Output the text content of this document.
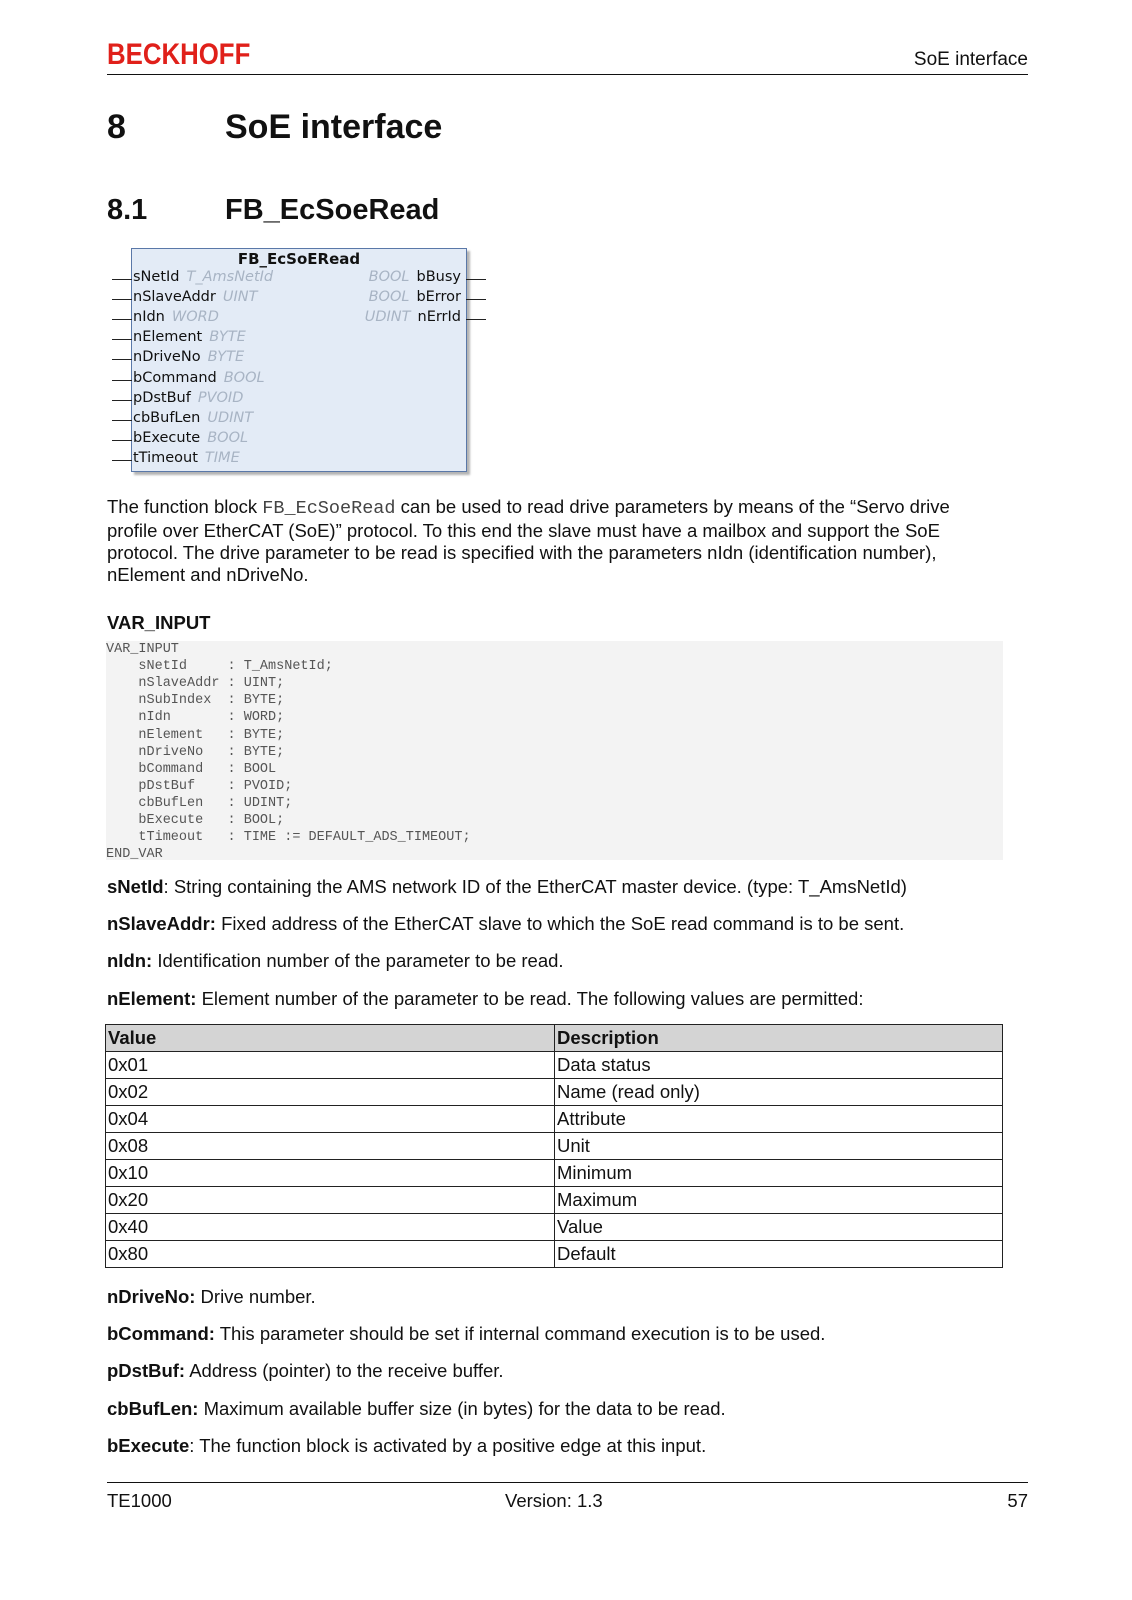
BECKHOFF	SoE interface
8	SoE interface
8.1	FB_EcSoeRead
FB_EcSoERead
sNetId T_AmsNetId	BOOL bBusy
nSlaveAddr UINT	BOOL bError
nIdn WORD	UDINT nErrId
nElement BYTE
nDriveNo BYTE
bCommand BOOL
pDstBuf PVOID
cbBufLen UDINT
bExecute BOOL
tTimeout TIME
The function block FB_EcSoeRead can be used to read drive parameters by means of the “Servo drive
profile over EtherCAT (SoE)” protocol. To this end the slave must have a mailbox and support the SoE
protocol. The drive parameter to be read is specified with the parameters nIdn (identification number),
nElement and nDriveNo.
VAR_INPUT
VAR_INPUT
sNetId     : T_AmsNetId;
nSlaveAddr : UINT;
nSubIndex  : BYTE;
nIdn       : WORD;
nElement   : BYTE;
nDriveNo   : BYTE;
bCommand   : BOOL
pDstBuf    : PVOID;
cbBufLen   : UDINT;
bExecute   : BOOL;
tTimeout   : TIME := DEFAULT_ADS_TIMEOUT;
END_VAR
sNetId: String containing the AMS network ID of the EtherCAT master device. (type: T_AmsNetId)
nSlaveAddr: Fixed address of the EtherCAT slave to which the SoE read command is to be sent.
nIdn: Identification number of the parameter to be read.
nElement: Element number of the parameter to be read. The following values are permitted:
Value	Description
0x01	Data status
0x02	Name (read only)
0x04	Attribute
0x08	Unit
0x10	Minimum
0x20	Maximum
0x40	Value
0x80	Default
nDriveNo: Drive number.
bCommand: This parameter should be set if internal command execution is to be used.
pDstBuf: Address (pointer) to the receive buffer.
cbBufLen: Maximum available buffer size (in bytes) for the data to be read.
bExecute: The function block is activated by a positive edge at this input.
TE1000	Version: 1.3	57
